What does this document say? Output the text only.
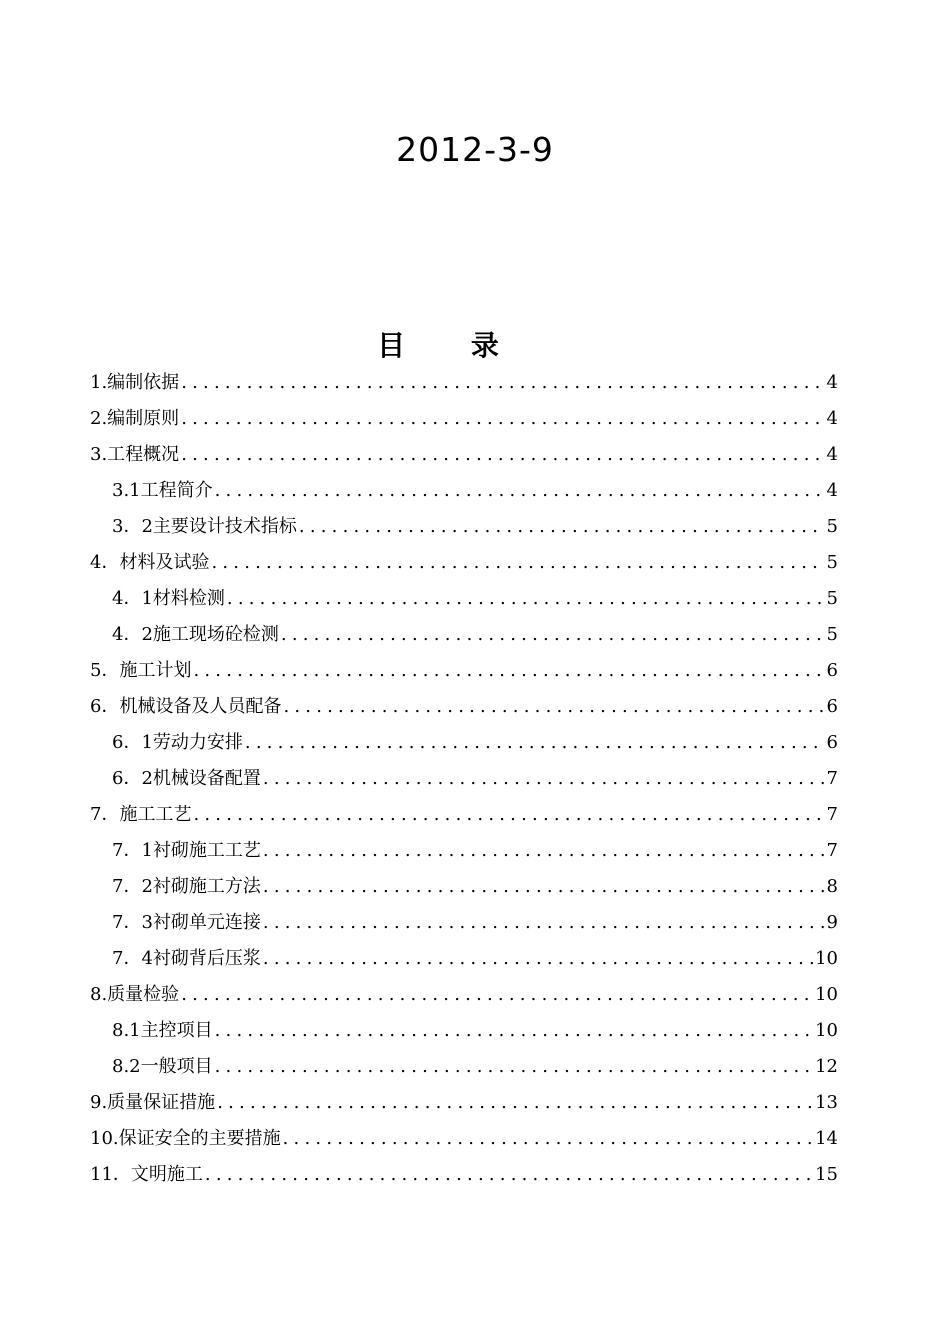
2012-3-9
目 录
1.编制依据 .....	4
2.编制原则 .....	4
3.工程概况 .....	4
3.1工程简介 .....	4
3．2主要设计技术指标 .....	5
4．材料及试验 .....	5
4．1材料检测 .....	5
4．2施工现场砼检测 .....	5
5．施工计划 .....	6
6．机械设备及人员配备 .....	6
6．1劳动力安排 .....	6
6．2机械设备配置 .....	7
7．施工工艺 .....	7
7．1衬砌施工工艺 .....	7
7．2衬砌施工方法 .....	8
7．3衬砌单元连接 .....	9
7．4衬砌背后压浆 .....	10
8.质量检验 .....	10
8.1主控项目 .....	10
8.2一般项目 .....	12
9.质量保证措施 .....	13
10.保证安全的主要措施 .....	14
11．文明施工 .....	15
